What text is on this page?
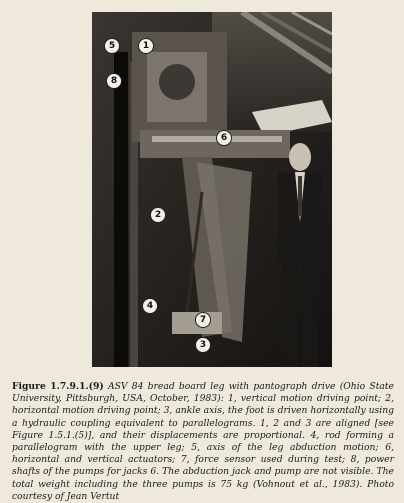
5	1
8
6
2
4
7
3
Figure 1.7.9.1.(9) ASV 84 bread board leg with pantograph drive (Ohio State University, Pittsburgh, USA, October, 1983): 1, vertical motion driving point; 2, horizontal motion driving point; 3, ankle axis, the foot is driven horizontally using a hydraulic coupling equivalent to parallelograms. 1, 2 and 3 are aligned [see Figure 1.5.1.(5)], and their displacements are proportional. 4, rod forming a parallelogram with the upper leg; 5, axis of the leg abduction motion; 6, horizontal and vertical actuators; 7, force sensor used during test; 8, power shafts of the pumps for jacks 6. The abduction jack and pump are not visible. The total weight including the three pumps is 75 kg (Vohnout et al., 1983). Photo courtesy of Jean Vertut
